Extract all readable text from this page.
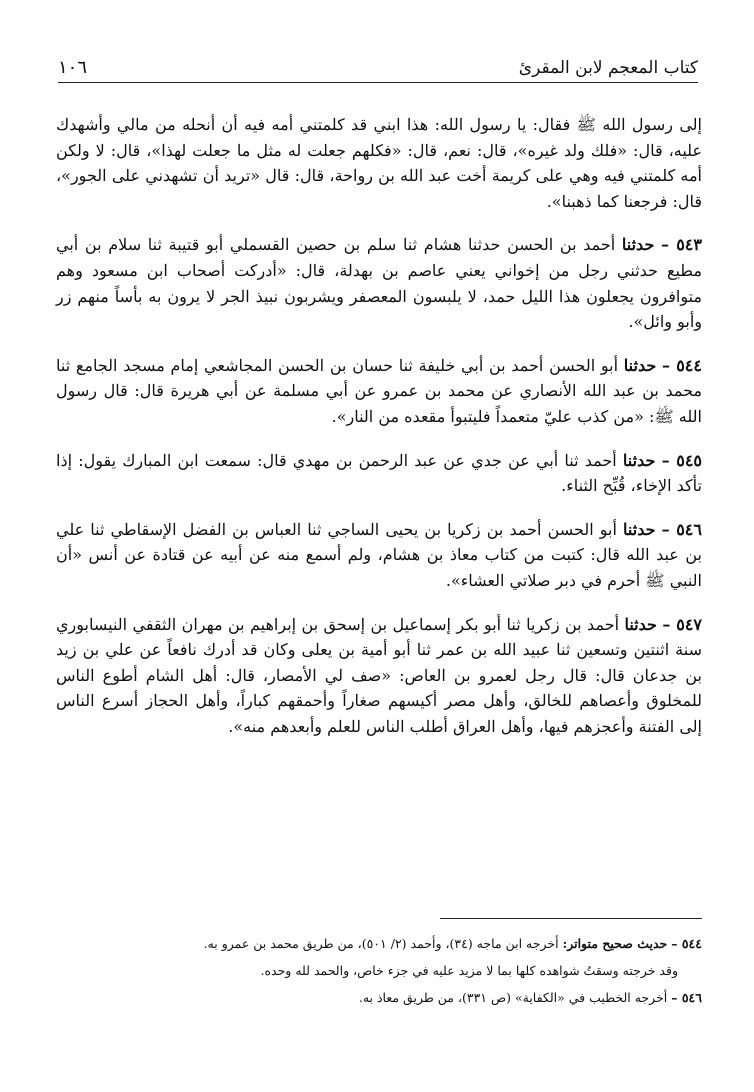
كتاب المعجم لابن المقرئ
١٠٦

إلى رسول الله ﷺ فقال: يا رسول الله: هذا ابني قد كلمتني أمه فيه أن أنحله من مالي وأشهدك عليه، قال: «فلك ولد غيره»، قال: نعم، قال: «فكلهم جعلت له مثل ما جعلت لهذا»، قال: لا ولكن أمه كلمتني فيه وهي على كريمة أخت عبد الله بن رواحة، قال: قال «تريد أن تشهدني على الجور»، قال: فرجعنا كما ذهبنا».

٥٤٣ – حدثنا أحمد بن الحسن حدثنا هشام ثنا سلم بن حصين القسملي أبو قتيبة ثنا سلام بن أبي مطيع حدثني رجل من إخواني يعني عاصم بن بهدلة، قال: «أدركت أصحاب ابن مسعود وهم متوافرون يجعلون هذا الليل حمد، لا يلبسون المعصفر ويشربون نبيذ الجر لا يرون به بأساً منهم زر وأبو وائل».

٥٤٤ – حدثنا أبو الحسن أحمد بن أبي خليفة ثنا حسان بن الحسن المجاشعي إمام مسجد الجامع ثنا محمد بن عبد الله الأنصاري عن محمد بن عمرو عن أبي مسلمة عن أبي هريرة قال: قال رسول الله ﷺ: «من كذب عليّ متعمداً فليتبوأ مقعده من النار».

٥٤٥ – حدثنا أحمد ثنا أبي عن جدي عن عبد الرحمن بن مهدي قال: سمعت ابن المبارك يقول: إذا تأكد الإخاء، قُبِّح الثناء.

٥٤٦ – حدثنا أبو الحسن أحمد بن زكريا بن يحيى الساجي ثنا العباس بن الفضل الإسقاطي ثنا علي بن عبد الله قال: كتبت من كتاب معاذ بن هشام، ولم أسمع منه عن أبيه عن قتادة عن أنس «أن النبي ﷺ أحرم في دبر صلاتي العشاء».

٥٤٧ – حدثنا أحمد بن زكريا ثنا أبو بكر إسماعيل بن إسحق بن إبراهيم بن مهران الثقفي النيسابوري سنة اثنتين وتسعين ثنا عبيد الله بن عمر ثنا أبو أمية بن يعلى وكان قد أدرك نافعاً عن علي بن زيد بن جدعان قال: قال رجل لعمرو بن العاص: «صف لي الأمصار، قال: أهل الشام أطوع الناس للمخلوق وأعصاهم للخالق، وأهل مصر أكيسهم صغاراً وأحمقهم كباراً، وأهل الحجاز أسرع الناس إلى الفتنة وأعجزهم فيها، وأهل العراق أطلب الناس للعلم وأبعدهم منه».

٥٤٤ – حديث صحيح متواتر: أخرجه ابن ماجه (٣٤)، وأحمد (٢/ ٥٠١)، من طريق محمد بن عمرو به.

وقد خرجته وسقتُ شواهده كلها بما لا مزيد عليه في جزء خاص، والحمد لله وحده.

٥٤٦ – أخرجه الخطيب في «الكفاية» (ص ٣٣١)، من طريق معاذ به.
